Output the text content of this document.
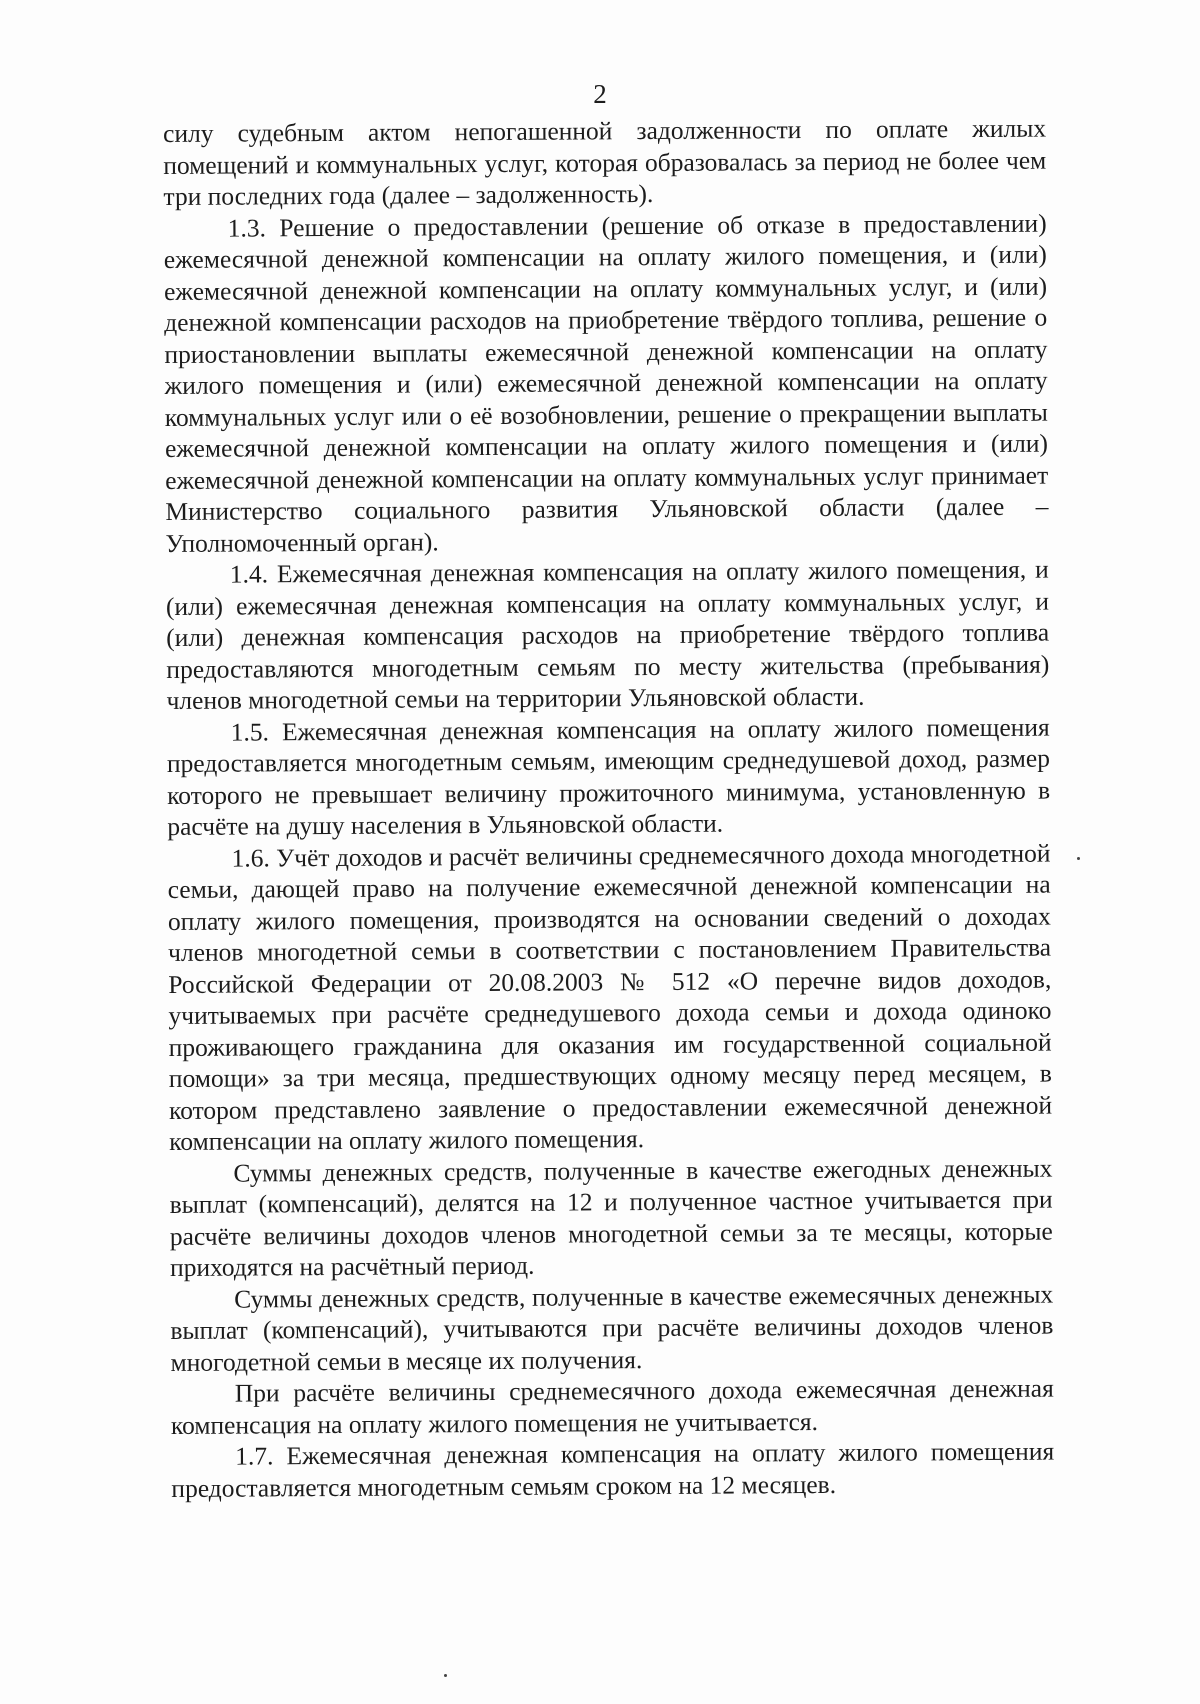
2

силу судебным актом непогашенной задолженности по оплате жилых помещений и коммунальных услуг, которая образовалась за период не более чем три последних года (далее – задолженность).

1.3. Решение о предоставлении (решение об отказе в предоставлении) ежемесячной денежной компенсации на оплату жилого помещения, и (или) ежемесячной денежной компенсации на оплату коммунальных услуг, и (или) денежной компенсации расходов на приобретение твёрдого топлива, решение о приостановлении выплаты ежемесячной денежной компенсации на оплату жилого помещения и (или) ежемесячной денежной компенсации на оплату коммунальных услуг или о её возобновлении, решение о прекращении выплаты ежемесячной денежной компенсации на оплату жилого помещения и (или) ежемесячной денежной компенсации на оплату коммунальных услуг принимает Министерство социального развития Ульяновской области (далее – Уполномоченный орган).

1.4. Ежемесячная денежная компенсация на оплату жилого помещения, и (или) ежемесячная денежная компенсация на оплату коммунальных услуг, и (или) денежная компенсация расходов на приобретение твёрдого топлива предоставляются многодетным семьям по месту жительства (пребывания) членов многодетной семьи на территории Ульяновской области.

1.5. Ежемесячная денежная компенсация на оплату жилого помещения предоставляется многодетным семьям, имеющим среднедушевой доход, размер которого не превышает величину прожиточного минимума, установленную в расчёте на душу населения в Ульяновской области.

1.6. Учёт доходов и расчёт величины среднемесячного дохода многодетной семьи, дающей право на получение ежемесячной денежной компенсации на оплату жилого помещения, производятся на основании сведений о доходах членов многодетной семьи в соответствии с постановлением Правительства Российской Федерации от 20.08.2003 № 512 «О перечне видов доходов, учитываемых при расчёте среднедушевого дохода семьи и дохода одиноко проживающего гражданина для оказания им государственной социальной помощи» за три месяца, предшествующих одному месяцу перед месяцем, в котором представлено заявление о предоставлении ежемесячной денежной компенсации на оплату жилого помещения.

Суммы денежных средств, полученные в качестве ежегодных денежных выплат (компенсаций), делятся на 12 и полученное частное учитывается при расчёте величины доходов членов многодетной семьи за те месяцы, которые приходятся на расчётный период.

Суммы денежных средств, полученные в качестве ежемесячных денежных выплат (компенсаций), учитываются при расчёте величины доходов членов многодетной семьи в месяце их получения.

При расчёте величины среднемесячного дохода ежемесячная денежная компенсация на оплату жилого помещения не учитывается.

1.7. Ежемесячная денежная компенсация на оплату жилого помещения предоставляется многодетным семьям сроком на 12 месяцев.
